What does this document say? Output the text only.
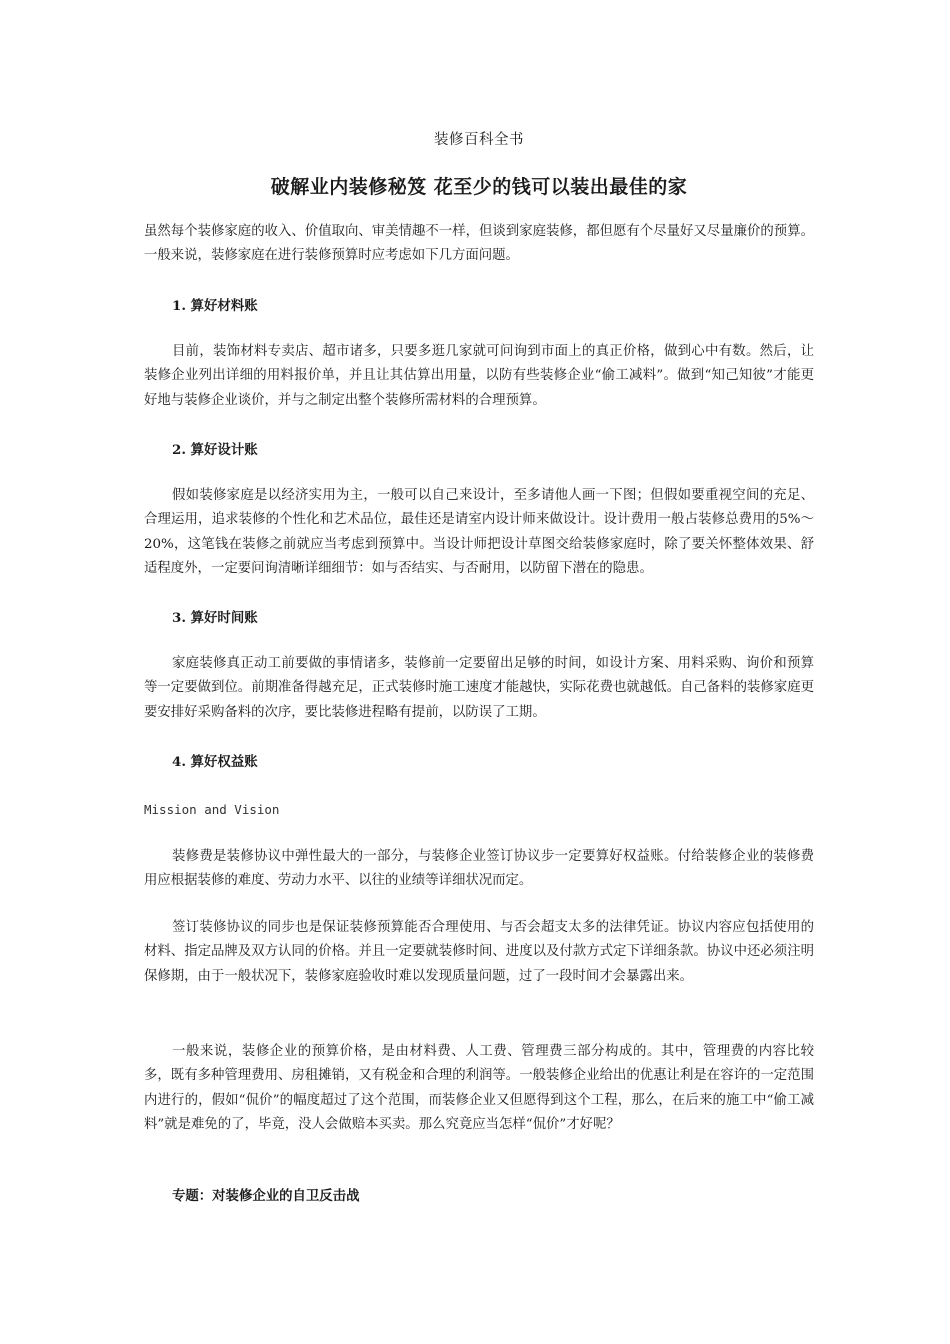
装修百科全书
破解业内装修秘笈 花至少的钱可以装出最佳的家

虽然每个装修家庭的收入、价值取向、审美情趣不一样，但谈到家庭装修，都但愿有个尽量好又尽量廉价的预算。一般来说，装修家庭在进行装修预算时应考虑如下几方面问题。

1. 算好材料账

目前，装饰材料专卖店、超市诸多，只要多逛几家就可问询到市面上的真正价格，做到心中有数。然后，让装修企业列出详细的用料报价单，并且让其估算出用量，以防有些装修企业“偷工减料”。做到“知己知彼”才能更好地与装修企业谈价，并与之制定出整个装修所需材料的合理预算。

2. 算好设计账

假如装修家庭是以经济实用为主，一般可以自己来设计，至多请他人画一下图；但假如要重视空间的充足、合理运用，追求装修的个性化和艺术品位，最佳还是请室内设计师来做设计。设计费用一般占装修总费用的5%～20%，这笔钱在装修之前就应当考虑到预算中。当设计师把设计草图交给装修家庭时，除了要关怀整体效果、舒适程度外，一定要问询清晰详细细节：如与否结实、与否耐用，以防留下潜在的隐患。

3. 算好时间账

家庭装修真正动工前要做的事情诸多，装修前一定要留出足够的时间，如设计方案、用料采购、询价和预算等一定要做到位。前期准备得越充足，正式装修时施工速度才能越快，实际花费也就越低。自己备料的装修家庭更要安排好采购备料的次序，要比装修进程略有提前，以防误了工期。

4. 算好权益账
Mission and Vision

装修费是装修协议中弹性最大的一部分，与装修企业签订协议步一定要算好权益账。付给装修企业的装修费用应根据装修的难度、劳动力水平、以往的业绩等详细状况而定。

签订装修协议的同步也是保证装修预算能否合理使用、与否会超支太多的法律凭证。协议内容应包括使用的材料、指定品牌及双方认同的价格。并且一定要就装修时间、进度以及付款方式定下详细条款。协议中还必须注明保修期，由于一般状况下，装修家庭验收时难以发现质量问题，过了一段时间才会暴露出来。

一般来说，装修企业的预算价格，是由材料费、人工费、管理费三部分构成的。其中，管理费的内容比较多，既有多种管理费用、房租摊销，又有税金和合理的利润等。一般装修企业给出的优惠让利是在容许的一定范围内进行的，假如“侃价”的幅度超过了这个范围，而装修企业又但愿得到这个工程，那么，在后来的施工中“偷工减料”就是难免的了，毕竟，没人会做赔本买卖。那么究竟应当怎样“侃价”才好呢？

专题：对装修企业的自卫反击战
